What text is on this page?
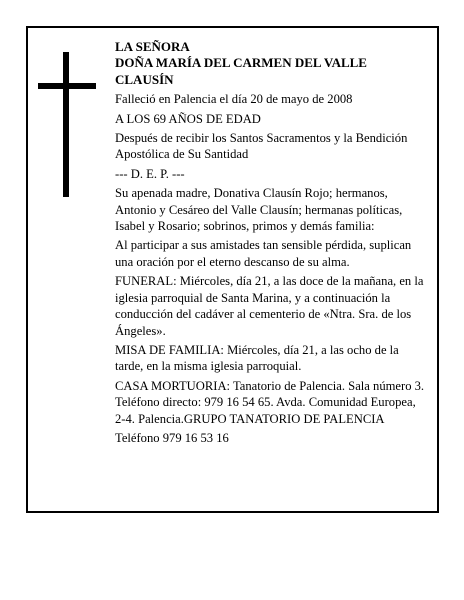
LA SEÑORA

DOÑA MARÍA DEL CARMEN DEL VALLE CLAUSÍN

Falleció en Palencia el día 20 de mayo de 2008

A LOS 69 AÑOS DE EDAD

Después de recibir los Santos Sacramentos y la Bendición Apostólica de Su Santidad

--- D. E. P. ---

Su apenada madre, Donativa Clausín Rojo; hermanos, Antonio y Cesáreo del Valle Clausín; hermanas políticas, Isabel y Rosario; sobrinos, primos y demás familia:

Al participar a sus amistades tan sensible pérdida, suplican una oración por el eterno descanso de su alma.

FUNERAL: Miércoles, día 21, a las doce de la mañana, en la iglesia parroquial de Santa Marina, y a continuación la conducción del cadáver al cementerio de «Ntra. Sra. de los Ángeles».

MISA DE FAMILIA: Miércoles, día 21, a las ocho de la tarde, en la misma iglesia parroquial.

CASA MORTUORIA: Tanatorio de Palencia. Sala número 3. Teléfono directo: 979 16 54 65. Avda. Comunidad Europea, 2-4. Palencia.GRUPO TANATORIO DE PALENCIA

Teléfono 979 16 53 16
